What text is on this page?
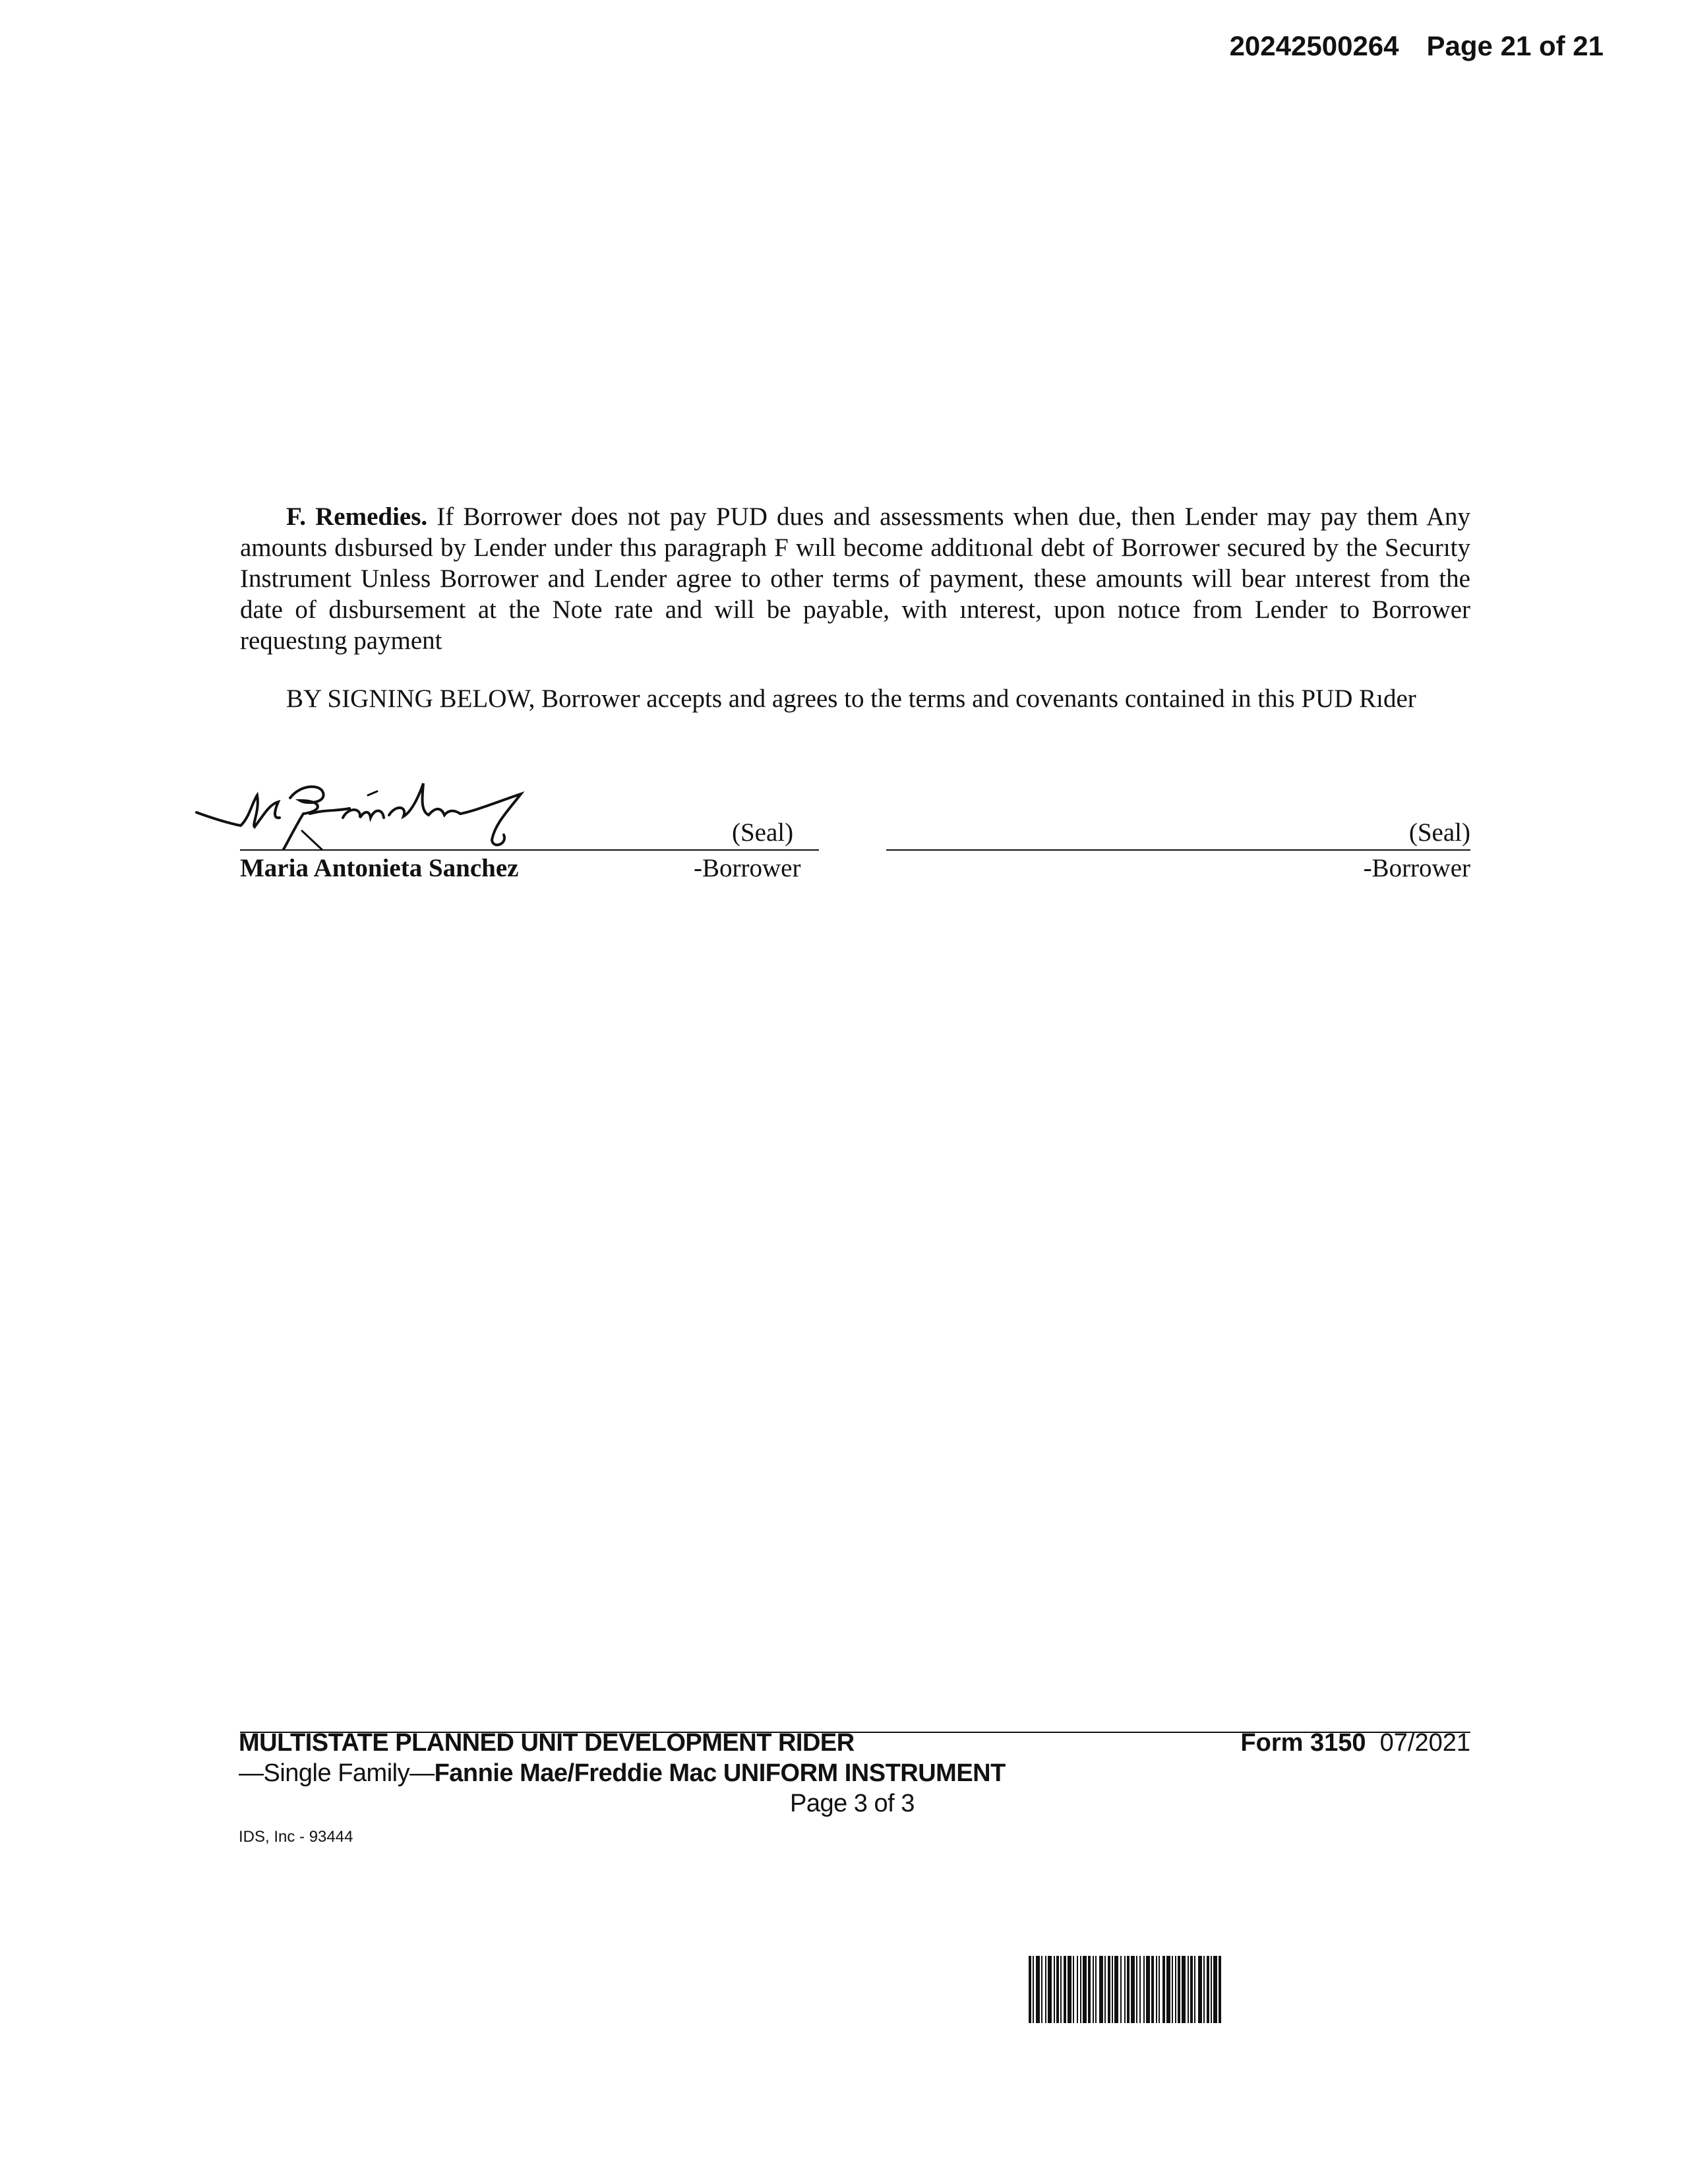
20242500264 Page 21 of 21
F. Remedies. If Borrower does not pay PUD dues and assessments when due, then Lender may pay them Any amounts dısbursed by Lender under thıs paragraph F wıll become additıonal debt of Borrower secured by the Securıty Instrument Unless Borrower and Lender agree to other terms of payment, these amounts will bear ınterest from the date of dısbursement at the Note rate and will be payable, with ınterest, upon notıce from Lender to Borrower requestıng payment
BY SIGNING BELOW, Borrower accepts and agrees to the terms and covenants contained in this PUD Rıder
(Seal)
Maria Antonieta Sanchez	-Borrower
(Seal)
-Borrower
MULTISTATE PLANNED UNIT DEVELOPMENT RIDER	Form 3150 07/2021
—Single Family—Fannie Mae/Freddie Mac UNIFORM INSTRUMENT
Page 3 of 3
IDS, Inc - 93444
